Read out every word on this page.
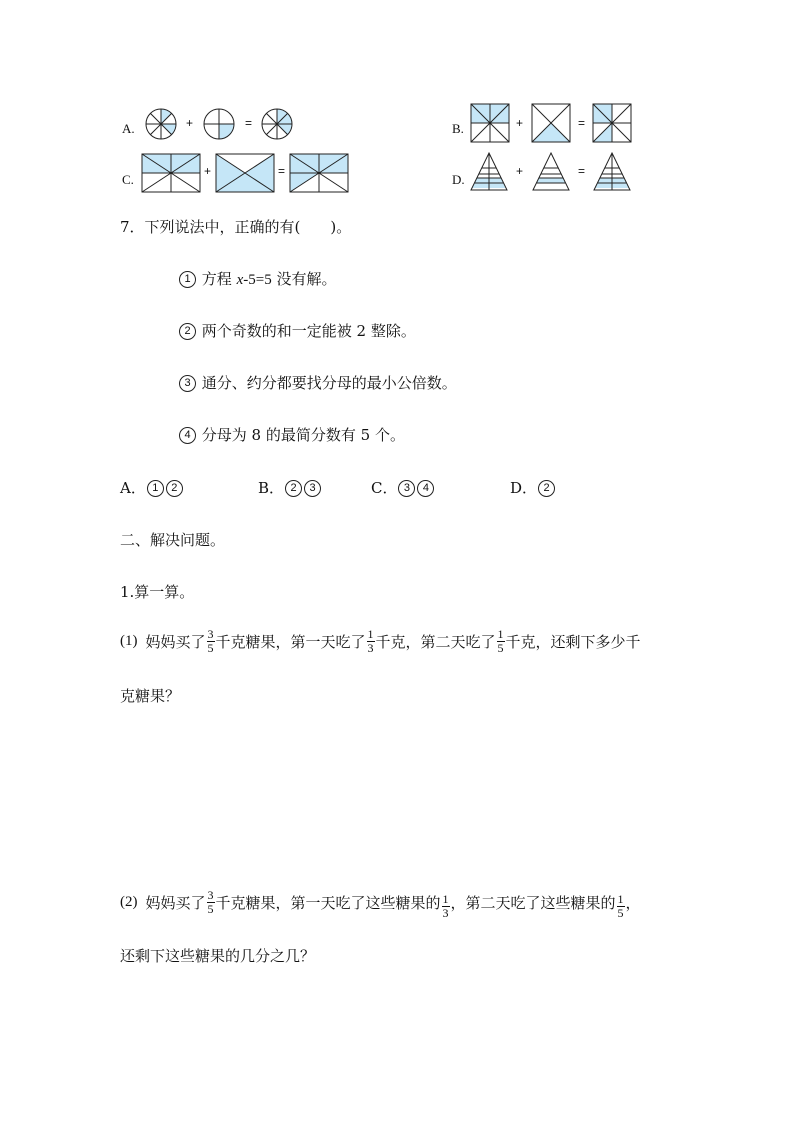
A.	+	=	B.	+	=
C.
+	=
D.
+	=
7．下列说法中，正确的有(　　)。
1 方程 x-5=5 没有解。
2 两个奇数的和一定能被 2 整除。
3 通分、约分都要找分母的最小公倍数。
4 分母为 8 的最简分数有 5 个。
A． 1 2	B． 2 3	C． 3 4	D． 2
二、解决问题。
1.算一算。
(1) 妈妈买了 $\frac{3}{5}$ 千克糖果，第一天吃了 $\frac{1}{3}$ 千克，第二天吃了 $\frac{1}{5}$ 千克，还剩下多少千
克糖果？
(2) 妈妈买了 $\frac{3}{5}$ 千克糖果，第一天吃了这些糖果的 $\frac{1}{3}$ ，第二天吃了这些糖果的 $\frac{1}{5}$ ，
还剩下这些糖果的几分之几？
